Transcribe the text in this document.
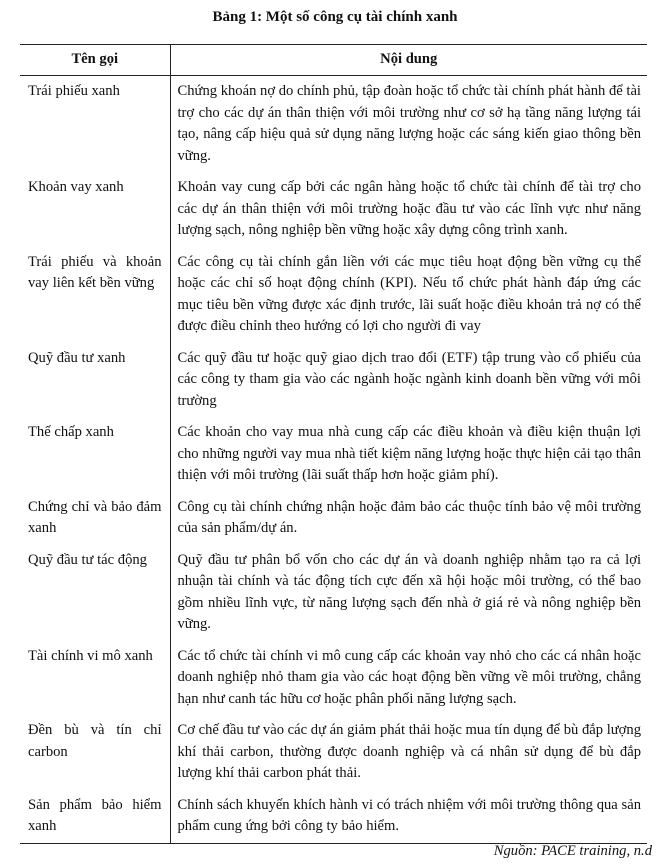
Bảng 1: Một số công cụ tài chính xanh
Tên gọi	Nội dung
Trái phiếu xanh	Chứng khoán nợ do chính phủ, tập đoàn hoặc tổ chức tài chính phát hành để tài trợ cho các dự án thân thiện với môi trường như cơ sở hạ tầng năng lượng tái tạo, nâng cấp hiệu quả sử dụng năng lượng hoặc các sáng kiến giao thông bền vững.
Khoản vay xanh	Khoản vay cung cấp bởi các ngân hàng hoặc tổ chức tài chính để tài trợ cho các dự án thân thiện với môi trường hoặc đầu tư vào các lĩnh vực như năng lượng sạch, nông nghiệp bền vững hoặc xây dựng công trình xanh.
Trái phiếu và khoản vay liên kết bền vững	Các công cụ tài chính gắn liền với các mục tiêu hoạt động bền vững cụ thể hoặc các chỉ số hoạt động chính (KPI). Nếu tổ chức phát hành đáp ứng các mục tiêu bền vững được xác định trước, lãi suất hoặc điều khoản trả nợ có thể được điều chỉnh theo hướng có lợi cho người đi vay
Quỹ đầu tư xanh	Các quỹ đầu tư hoặc quỹ giao dịch trao đổi (ETF) tập trung vào cổ phiếu của các công ty tham gia vào các ngành hoặc ngành kinh doanh bền vững với môi trường
Thế chấp xanh	Các khoản cho vay mua nhà cung cấp các điều khoản và điều kiện thuận lợi cho những người vay mua nhà tiết kiệm năng lượng hoặc thực hiện cải tạo thân thiện với môi trường (lãi suất thấp hơn hoặc giảm phí).
Chứng chỉ và bảo đảm xanh	Công cụ tài chính chứng nhận hoặc đảm bảo các thuộc tính bảo vệ môi trường của sản phẩm/dự án.
Quỹ đầu tư tác động	Quỹ đầu tư phân bổ vốn cho các dự án và doanh nghiệp nhằm tạo ra cả lợi nhuận tài chính và tác động tích cực đến xã hội hoặc môi trường, có thể bao gồm nhiều lĩnh vực, từ năng lượng sạch đến nhà ở giá rẻ và nông nghiệp bền vững.
Tài chính vi mô xanh	Các tổ chức tài chính vi mô cung cấp các khoản vay nhỏ cho các cá nhân hoặc doanh nghiệp nhỏ tham gia vào các hoạt động bền vững về môi trường, chẳng hạn như canh tác hữu cơ hoặc phân phối năng lượng sạch.
Đền bù và tín chỉ carbon	Cơ chế đầu tư vào các dự án giảm phát thải hoặc mua tín dụng để bù đắp lượng khí thải carbon, thường được doanh nghiệp và cá nhân sử dụng để bù đắp lượng khí thải carbon phát thải.
Sản phẩm bảo hiểm xanh	Chính sách khuyến khích hành vi có trách nhiệm với môi trường thông qua sản phẩm cung ứng bởi công ty bảo hiểm.
Nguồn: PACE training, n.d
